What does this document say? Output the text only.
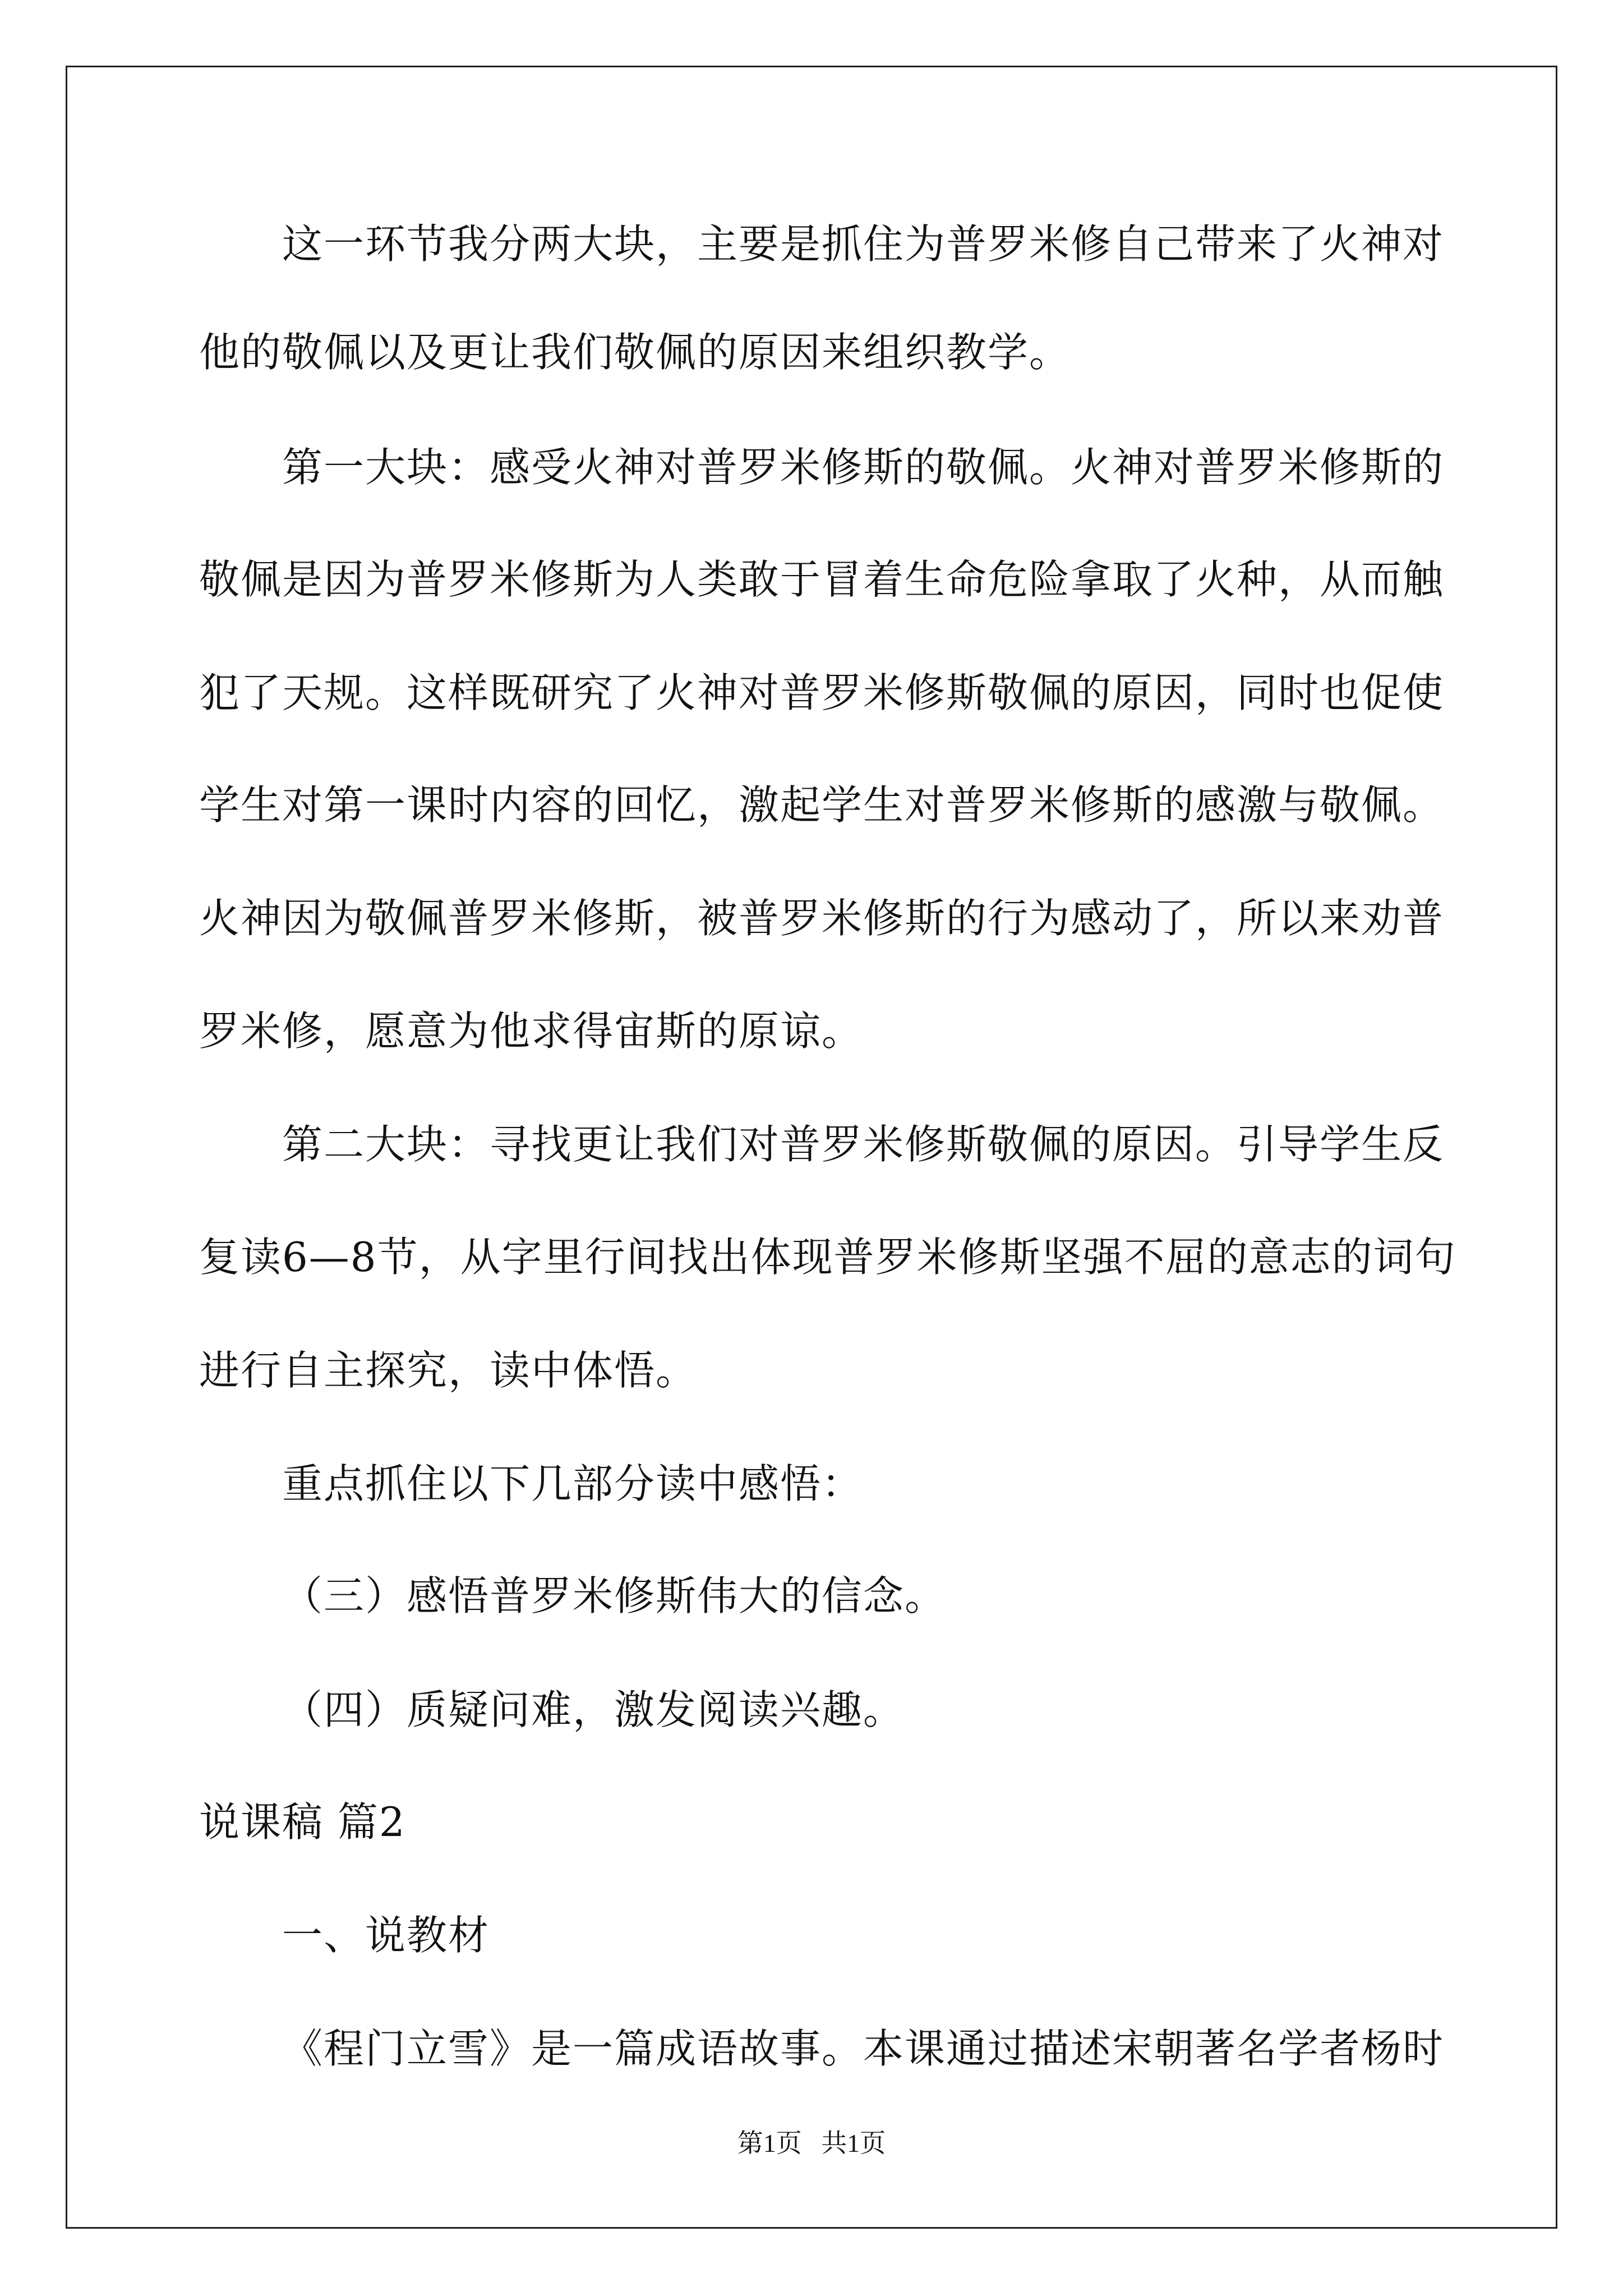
这一环节我分两大块，主要是抓住为普罗米修自己带来了火神对
他的敬佩以及更让我们敬佩的原因来组织教学。
第一大块：感受火神对普罗米修斯的敬佩。火神对普罗米修斯的
敬佩是因为普罗米修斯为人类敢于冒着生命危险拿取了火种，从而触
犯了天规。这样既研究了火神对普罗米修斯敬佩的原因，同时也促使
学生对第一课时内容的回忆，激起学生对普罗米修斯的感激与敬佩。
火神因为敬佩普罗米修斯，被普罗米修斯的行为感动了，所以来劝普
罗米修，愿意为他求得宙斯的原谅。
第二大块：寻找更让我们对普罗米修斯敬佩的原因。引导学生反
复读6—8节，从字里行间找出体现普罗米修斯坚强不屈的意志的词句
进行自主探究，读中体悟。
重点抓住以下几部分读中感悟：
（三）感悟普罗米修斯伟大的信念。
（四）质疑问难，激发阅读兴趣。
说课稿 篇2
一、说教材
《程门立雪》是一篇成语故事。本课通过描述宋朝著名学者杨时
第1页   共1页
